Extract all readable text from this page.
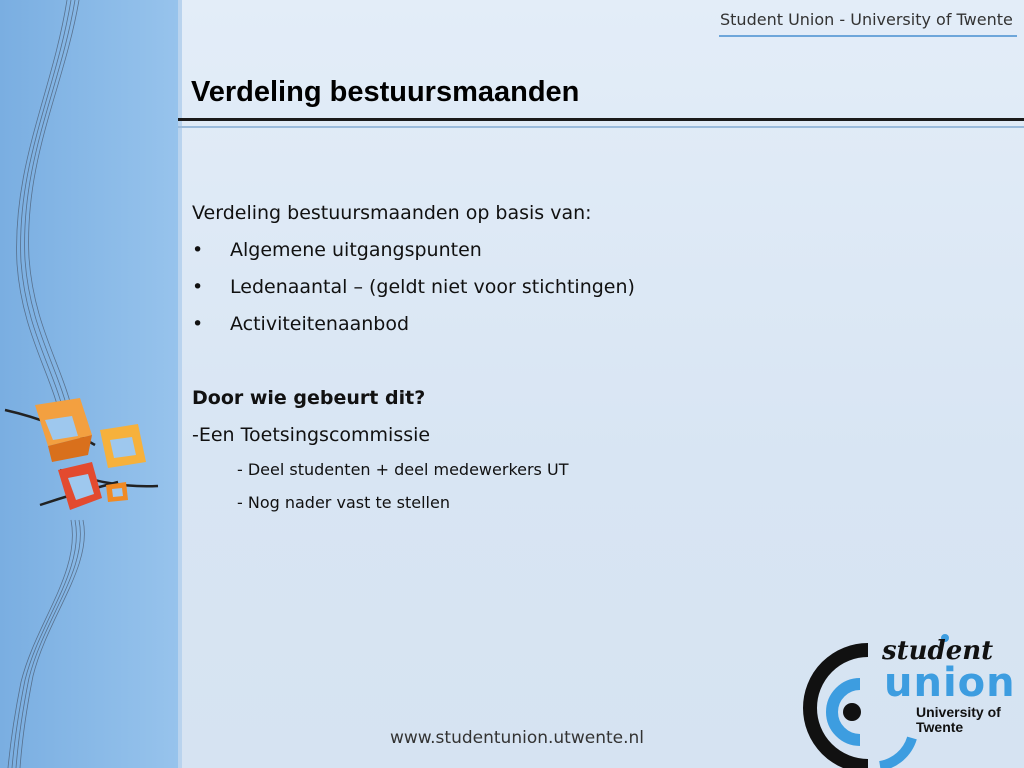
Student Union - University of Twente
Verdeling bestuursmaanden
Verdeling bestuursmaanden op basis van:
• Algemene uitgangspunten
• Ledenaantal – (geldt niet voor stichtingen)
• Activiteitenaanbod
Door wie gebeurt dit?
-Een Toetsingscommissie
- Deel studenten + deel medewerkers UT
- Nog nader vast te stellen
www.studentunion.utwente.nl
student
union
University of
Twente
